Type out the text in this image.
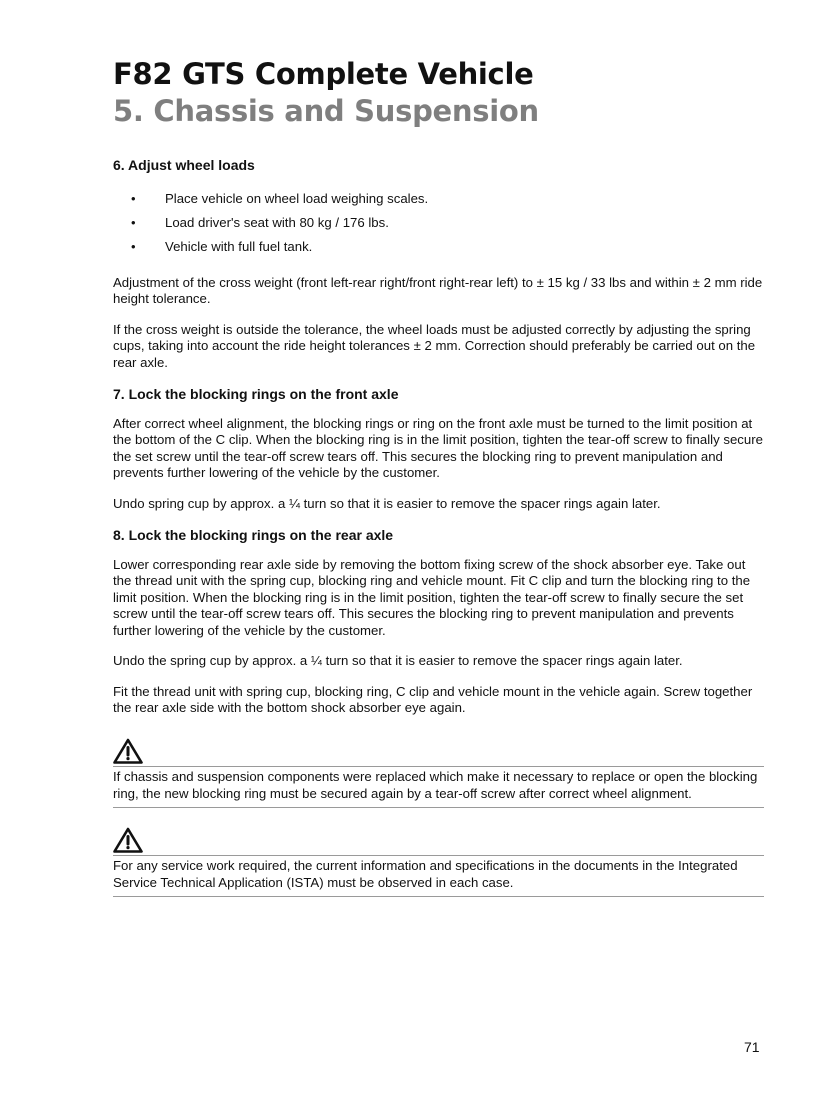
F82 GTS Complete Vehicle
5. Chassis and Suspension
6. Adjust wheel loads
• Place vehicle on wheel load weighing scales.
• Load driver's seat with 80 kg / 176 lbs.
• Vehicle with full fuel tank.

Adjustment of the cross weight (front left-rear right/front right-rear left) to ± 15 kg / 33 lbs and within ± 2 mm ride height tolerance.

If the cross weight is outside the tolerance, the wheel loads must be adjusted correctly by adjusting the spring cups, taking into account the ride height tolerances ± 2 mm. Correction should preferably be carried out on the rear axle.

7. Lock the blocking rings on the front axle

After correct wheel alignment, the blocking rings or ring on the front axle must be turned to the limit position at the bottom of the C clip. When the blocking ring is in the limit position, tighten the tear-off screw to finally secure the set screw until the tear-off screw tears off. This secures the blocking ring to prevent manipulation and prevents further lowering of the vehicle by the customer.

Undo spring cup by approx. a ¼ turn so that it is easier to remove the spacer rings again later.

8. Lock the blocking rings on the rear axle

Lower corresponding rear axle side by removing the bottom fixing screw of the shock absorber eye. Take out the thread unit with the spring cup, blocking ring and vehicle mount. Fit C clip and turn the blocking ring to the limit position. When the blocking ring is in the limit position, tighten the tear-off screw to finally secure the set screw until the tear-off screw tears off. This secures the blocking ring to prevent manipulation and prevents further lowering of the vehicle by the customer.

Undo the spring cup by approx. a ¼ turn so that it is easier to remove the spacer rings again later.

Fit the thread unit with spring cup, blocking ring, C clip and vehicle mount in the vehicle again. Screw together the rear axle side with the bottom shock absorber eye again.

If chassis and suspension components were replaced which make it necessary to replace or open the blocking ring, the new blocking ring must be secured again by a tear-off screw after correct wheel alignment.

For any service work required, the current information and specifications in the documents in the Integrated Service Technical Application (ISTA) must be observed in each case.

71
